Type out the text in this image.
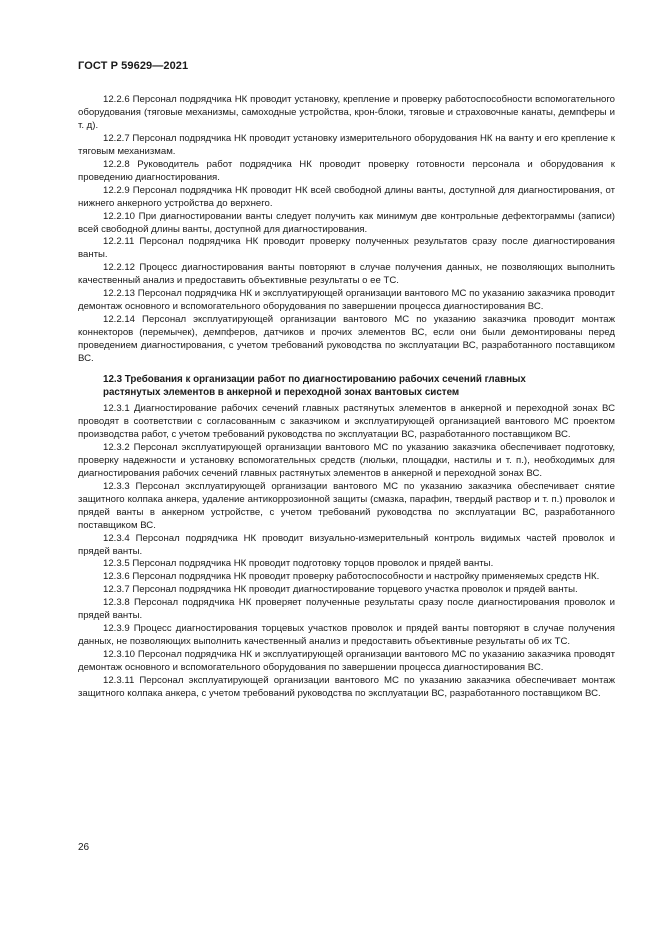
ГОСТ Р 59629—2021

12.2.6 Персонал подрядчика НК проводит установку, крепление и проверку работоспособности вспомогательного оборудования (тяговые механизмы, самоходные устройства, крон-блоки, тяговые и страховочные канаты, демпферы и т. д).

12.2.7 Персонал подрядчика НК проводит установку измерительного оборудования НК на ванту и его крепление к тяговым механизмам.

12.2.8 Руководитель работ подрядчика НК проводит проверку готовности персонала и оборудования к проведению диагностирования.

12.2.9 Персонал подрядчика НК проводит НК всей свободной длины ванты, доступной для диагностирования, от нижнего анкерного устройства до верхнего.

12.2.10 При диагностировании ванты следует получить как минимум две контрольные дефектограммы (записи) всей свободной длины ванты, доступной для диагностирования.

12.2.11 Персонал подрядчика НК проводит проверку полученных результатов сразу после диагностирования ванты.

12.2.12 Процесс диагностирования ванты повторяют в случае получения данных, не позволяющих выполнить качественный анализ и предоставить объективные результаты о ее ТС.

12.2.13 Персонал подрядчика НК и эксплуатирующей организации вантового МС по указанию заказчика проводит демонтаж основного и вспомогательного оборудования по завершении процесса диагностирования ВС.

12.2.14 Персонал эксплуатирующей организации вантового МС по указанию заказчика проводит монтаж коннекторов (перемычек), демпферов, датчиков и прочих элементов ВС, если они были демонтированы перед проведением диагностирования, с учетом требований руководства по эксплуатации ВС, разработанного поставщиком ВС.

12.3 Требования к организации работ по диагностированию рабочих сечений главных
растянутых элементов в анкерной и переходной зонах вантовых систем

12.3.1 Диагностирование рабочих сечений главных растянутых элементов в анкерной и переходной зонах ВС проводят в соответствии с согласованным с заказчиком и эксплуатирующей организацией вантового МС проектом производства работ, с учетом требований руководства по эксплуатации ВС, разработанного поставщиком ВС.

12.3.2 Персонал эксплуатирующей организации вантового МС по указанию заказчика обеспечивает подготовку, проверку надежности и установку вспомогательных средств (люльки, площадки, настилы и т. п.), необходимых для диагностирования рабочих сечений главных растянутых элементов в анкерной и переходной зонах ВС.

12.3.3 Персонал эксплуатирующей организации вантового МС по указанию заказчика обеспечивает снятие защитного колпака анкера, удаление антикоррозионной защиты (смазка, парафин, твердый раствор и т. п.) проволок и прядей ванты в анкерном устройстве, с учетом требований руководства по эксплуатации ВС, разработанного поставщиком ВС.

12.3.4 Персонал подрядчика НК проводит визуально-измерительный контроль видимых частей проволок и прядей ванты.

12.3.5 Персонал подрядчика НК проводит подготовку торцов проволок и прядей ванты.

12.3.6 Персонал подрядчика НК проводит проверку работоспособности и настройку применяемых средств НК.

12.3.7 Персонал подрядчика НК проводит диагностирование торцевого участка проволок и прядей ванты.

12.3.8 Персонал подрядчика НК проверяет полученные результаты сразу после диагностирования проволок и прядей ванты.

12.3.9 Процесс диагностирования торцевых участков проволок и прядей ванты повторяют в случае получения данных, не позволяющих выполнить качественный анализ и предоставить объективные результаты об их ТС.

12.3.10 Персонал подрядчика НК и эксплуатирующей организации вантового МС по указанию заказчика проводят демонтаж основного и вспомогательного оборудования по завершении процесса диагностирования ВС.

12.3.11 Персонал эксплуатирующей организации вантового МС по указанию заказчика обеспечивает монтаж защитного колпака анкера, с учетом требований руководства по эксплуатации ВС, разработанного поставщиком ВС.

26
